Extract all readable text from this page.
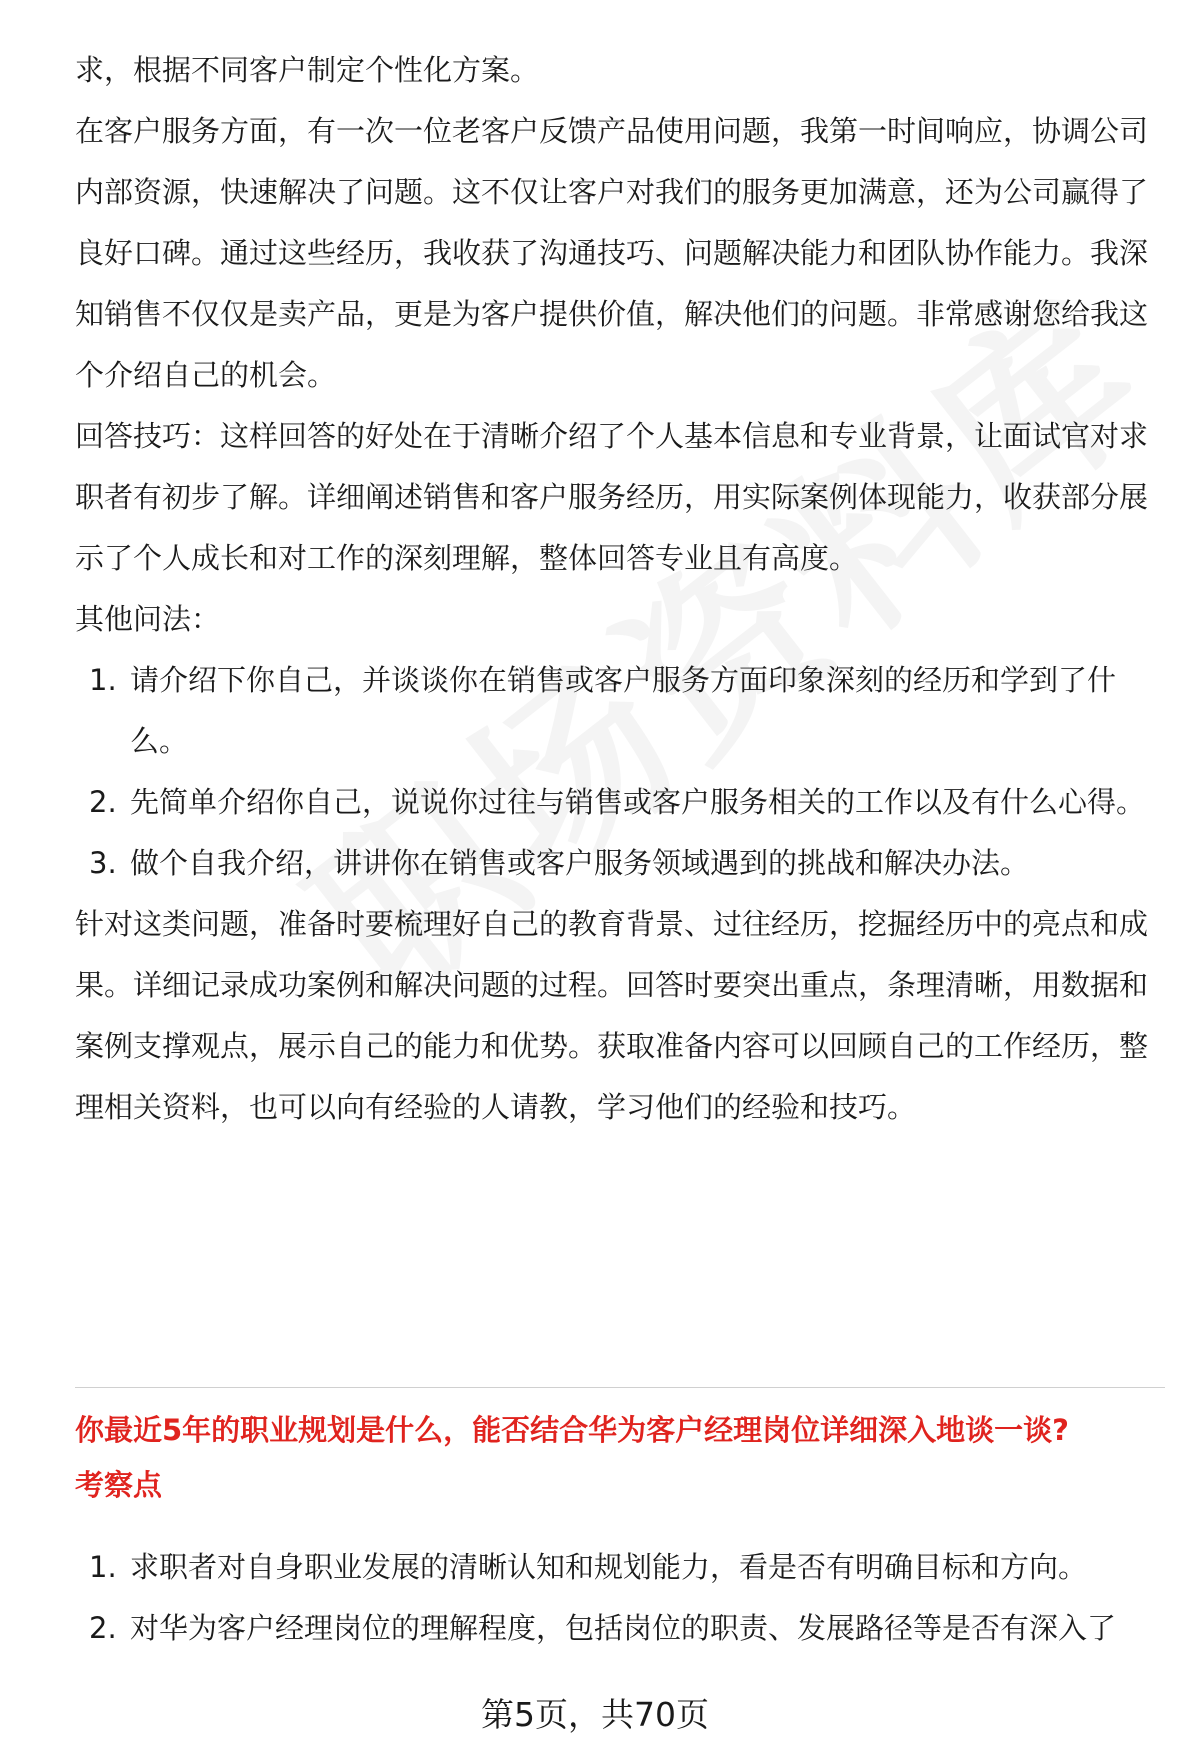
求，根据不同客户制定个性化方案。

在客户服务方面，有一次一位老客户反馈产品使用问题，我第一时间响应，协调公司内部资源，快速解决了问题。这不仅让客户对我们的服务更加满意，还为公司赢得了良好口碑。通过这些经历，我收获了沟通技巧、问题解决能力和团队协作能力。我深知销售不仅仅是卖产品，更是为客户提供价值，解决他们的问题。非常感谢您给我这个介绍自己的机会。

回答技巧：这样回答的好处在于清晰介绍了个人基本信息和专业背景，让面试官对求职者有初步了解。详细阐述销售和客户服务经历，用实际案例体现能力，收获部分展示了个人成长和对工作的深刻理解，整体回答专业且有高度。

其他问法：

1. 请介绍下你自己，并谈谈你在销售或客户服务方面印象深刻的经历和学到了什么。
2. 先简单介绍你自己，说说你过往与销售或客户服务相关的工作以及有什么心得。
3. 做个自我介绍，讲讲你在销售或客户服务领域遇到的挑战和解决办法。

针对这类问题，准备时要梳理好自己的教育背景、过往经历，挖掘经历中的亮点和成果。详细记录成功案例和解决问题的过程。回答时要突出重点，条理清晰，用数据和案例支撑观点，展示自己的能力和优势。获取准备内容可以回顾自己的工作经历，整理相关资料，也可以向有经验的人请教，学习他们的经验和技巧。

你最近5年的职业规划是什么，能否结合华为客户经理岗位详细深入地谈一谈?
考察点
1. 求职者对自身职业发展的清晰认知和规划能力，看是否有明确目标和方向。
2. 对华为客户经理岗位的理解程度，包括岗位的职责、发展路径等是否有深入了
第5页，共70页
